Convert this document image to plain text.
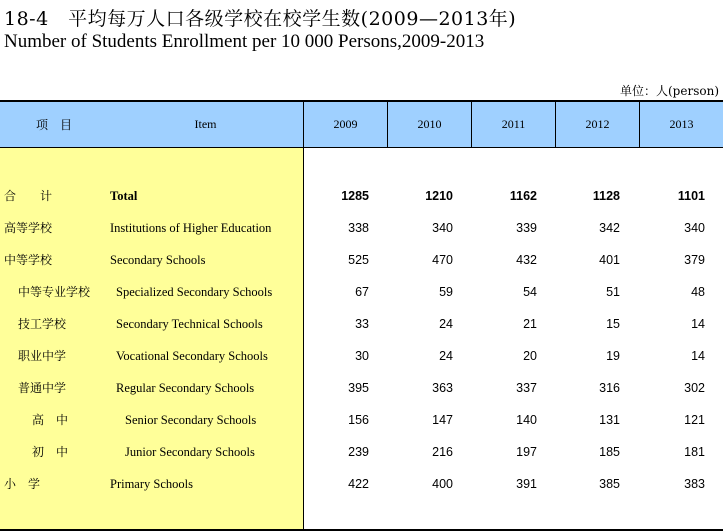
18-4　平均每万人口各级学校在校学生数(2009—2013年)
Number of Students Enrollment per 10 000 Persons,2009-2013
单位：人(person)
项　目	Item	2009	2010	2011	2012	2013
合　　计	Total	1285	1210	1162	1128	1101
高等学校	Institutions of Higher Education	338	340	339	342	340
中等学校	Secondary Schools	525	470	432	401	379
中等专业学校 Specialized Secondary Schools	67	59	54	51	48
技工学校	Secondary Technical Schools	33	24	21	15	14
职业中学	Vocational Secondary Schools	30	24	20	19	14
普通中学	Regular Secondary Schools	395	363	337	316	302
高　中	Senior Secondary Schools	156	147	140	131	121
初　中	Junior Secondary Schools	239	216	197	185	181
小　学	Primary Schools	422	400	391	385	383
